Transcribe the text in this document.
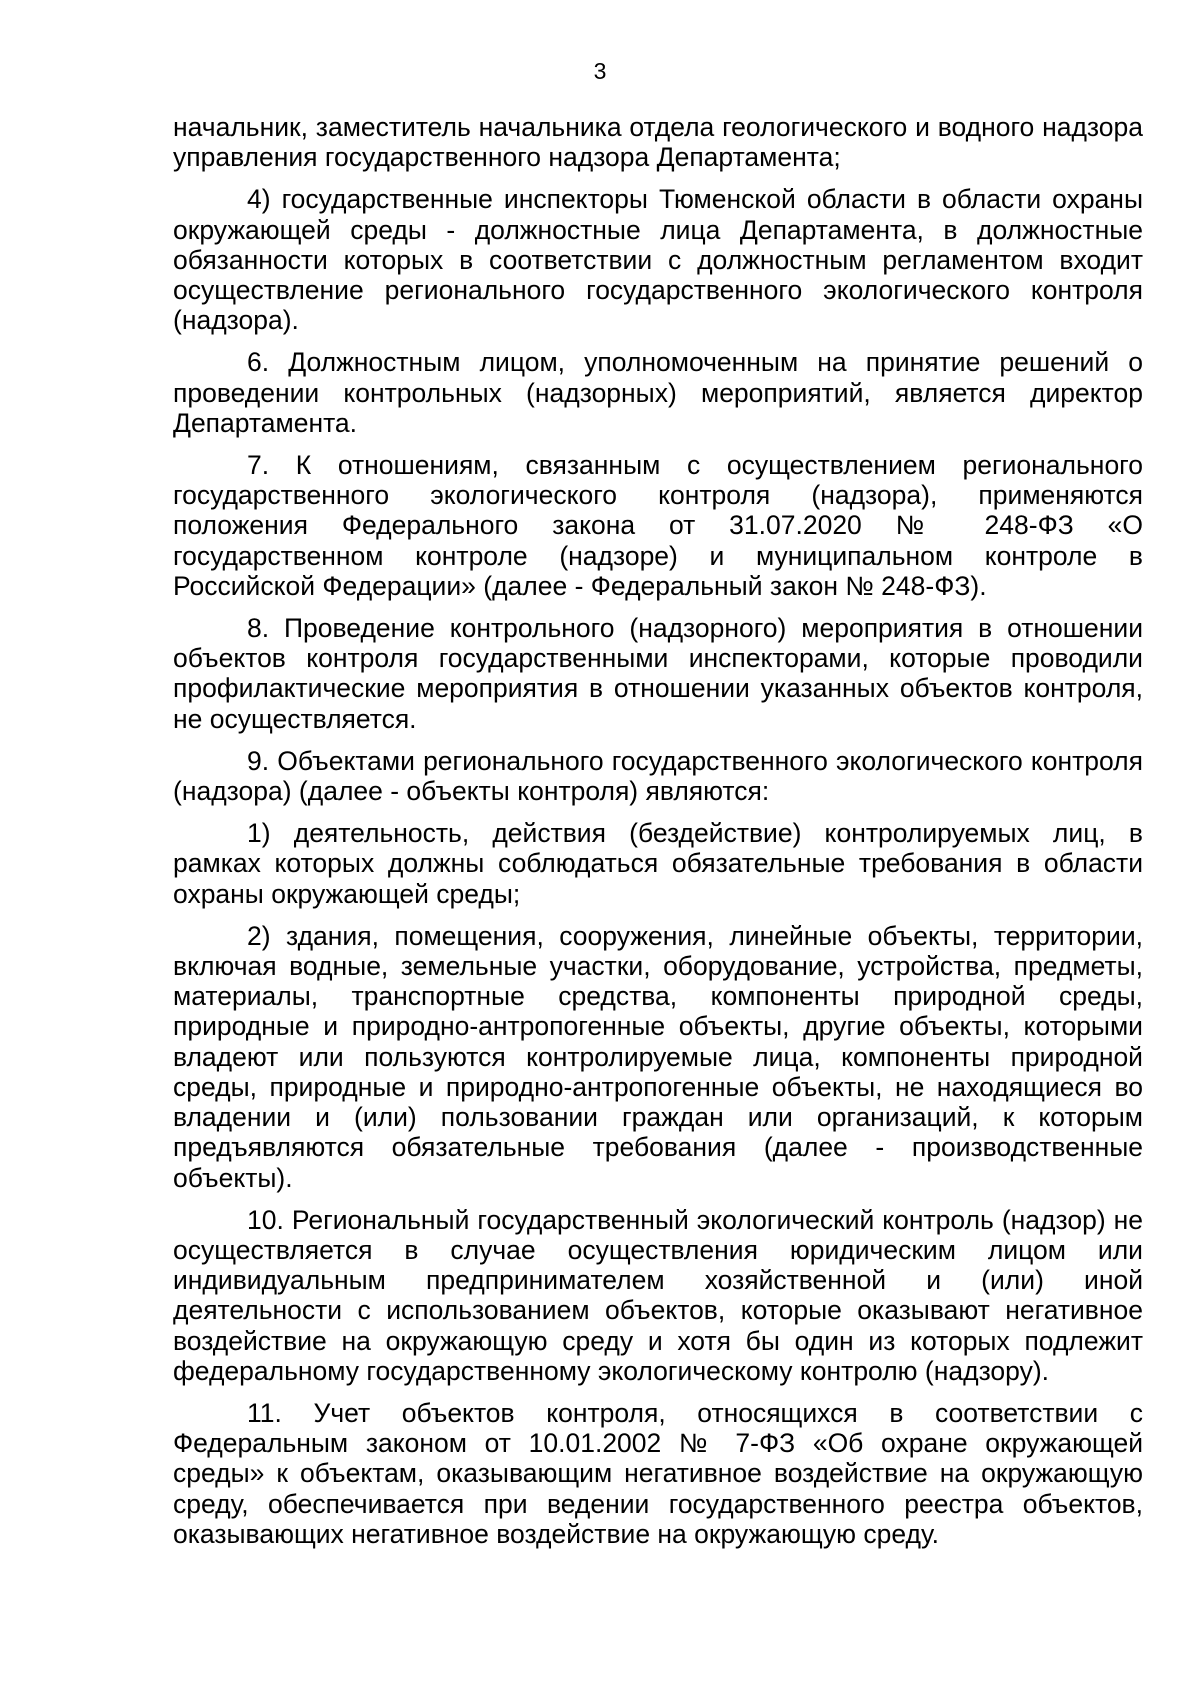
3

начальник, заместитель начальника отдела геологического и водного надзора управления государственного надзора Департамента;

4) государственные инспекторы Тюменской области в области охраны окружающей среды - должностные лица Департамента, в должностные обязанности которых в соответствии с должностным регламентом входит осуществление регионального государственного экологического контроля (надзора).

6. Должностным лицом, уполномоченным на принятие решений о проведении контрольных (надзорных) мероприятий, является директор Департамента.

7. К отношениям, связанным с осуществлением регионального государственного экологического контроля (надзора), применяются положения Федерального закона от 31.07.2020 № 248-ФЗ «О государственном контроле (надзоре) и муниципальном контроле в Российской Федерации» (далее - Федеральный закон № 248-ФЗ).

8. Проведение контрольного (надзорного) мероприятия в отношении объектов контроля государственными инспекторами, которые проводили профилактические мероприятия в отношении указанных объектов контроля, не осуществляется.

9. Объектами регионального государственного экологического контроля (надзора) (далее - объекты контроля) являются:

1) деятельность, действия (бездействие) контролируемых лиц, в рамках которых должны соблюдаться обязательные требования в области охраны окружающей среды;

2) здания, помещения, сооружения, линейные объекты, территории, включая водные, земельные участки, оборудование, устройства, предметы, материалы, транспортные средства, компоненты природной среды, природные и природно-антропогенные объекты, другие объекты, которыми владеют или пользуются контролируемые лица, компоненты природной среды, природные и природно-антропогенные объекты, не находящиеся во владении и (или) пользовании граждан или организаций, к которым предъявляются обязательные требования (далее - производственные объекты).

10. Региональный государственный экологический контроль (надзор) не осуществляется в случае осуществления юридическим лицом или индивидуальным предпринимателем хозяйственной и (или) иной деятельности с использованием объектов, которые оказывают негативное воздействие на окружающую среду и хотя бы один из которых подлежит федеральному государственному экологическому контролю (надзору).

11. Учет объектов контроля, относящихся в соответствии с Федеральным законом от 10.01.2002 № 7-ФЗ «Об охране окружающей среды» к объектам, оказывающим негативное воздействие на окружающую среду, обеспечивается при ведении государственного реестра объектов, оказывающих негативное воздействие на окружающую среду.
